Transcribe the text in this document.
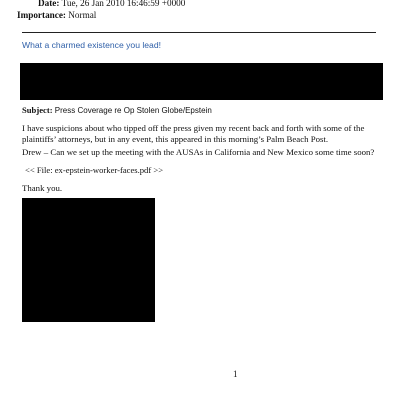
Date: Tue, 26 Jan 2010 16:46:59 +0000
Importance: Normal
What a charmed existence you lead!
Subject: Press Coverage re Op Stolen Globe/Epstein
I have suspicions about who tipped off the press given my recent back and forth with some of the plaintiffs’ attorneys, but in any event, this appeared in this morning’s Palm Beach Post.
Drew – Can we set up the meeting with the AUSAs in California and New Mexico some time soon?
<< File: ex-epstein-worker-faces.pdf >>
Thank you.
1
